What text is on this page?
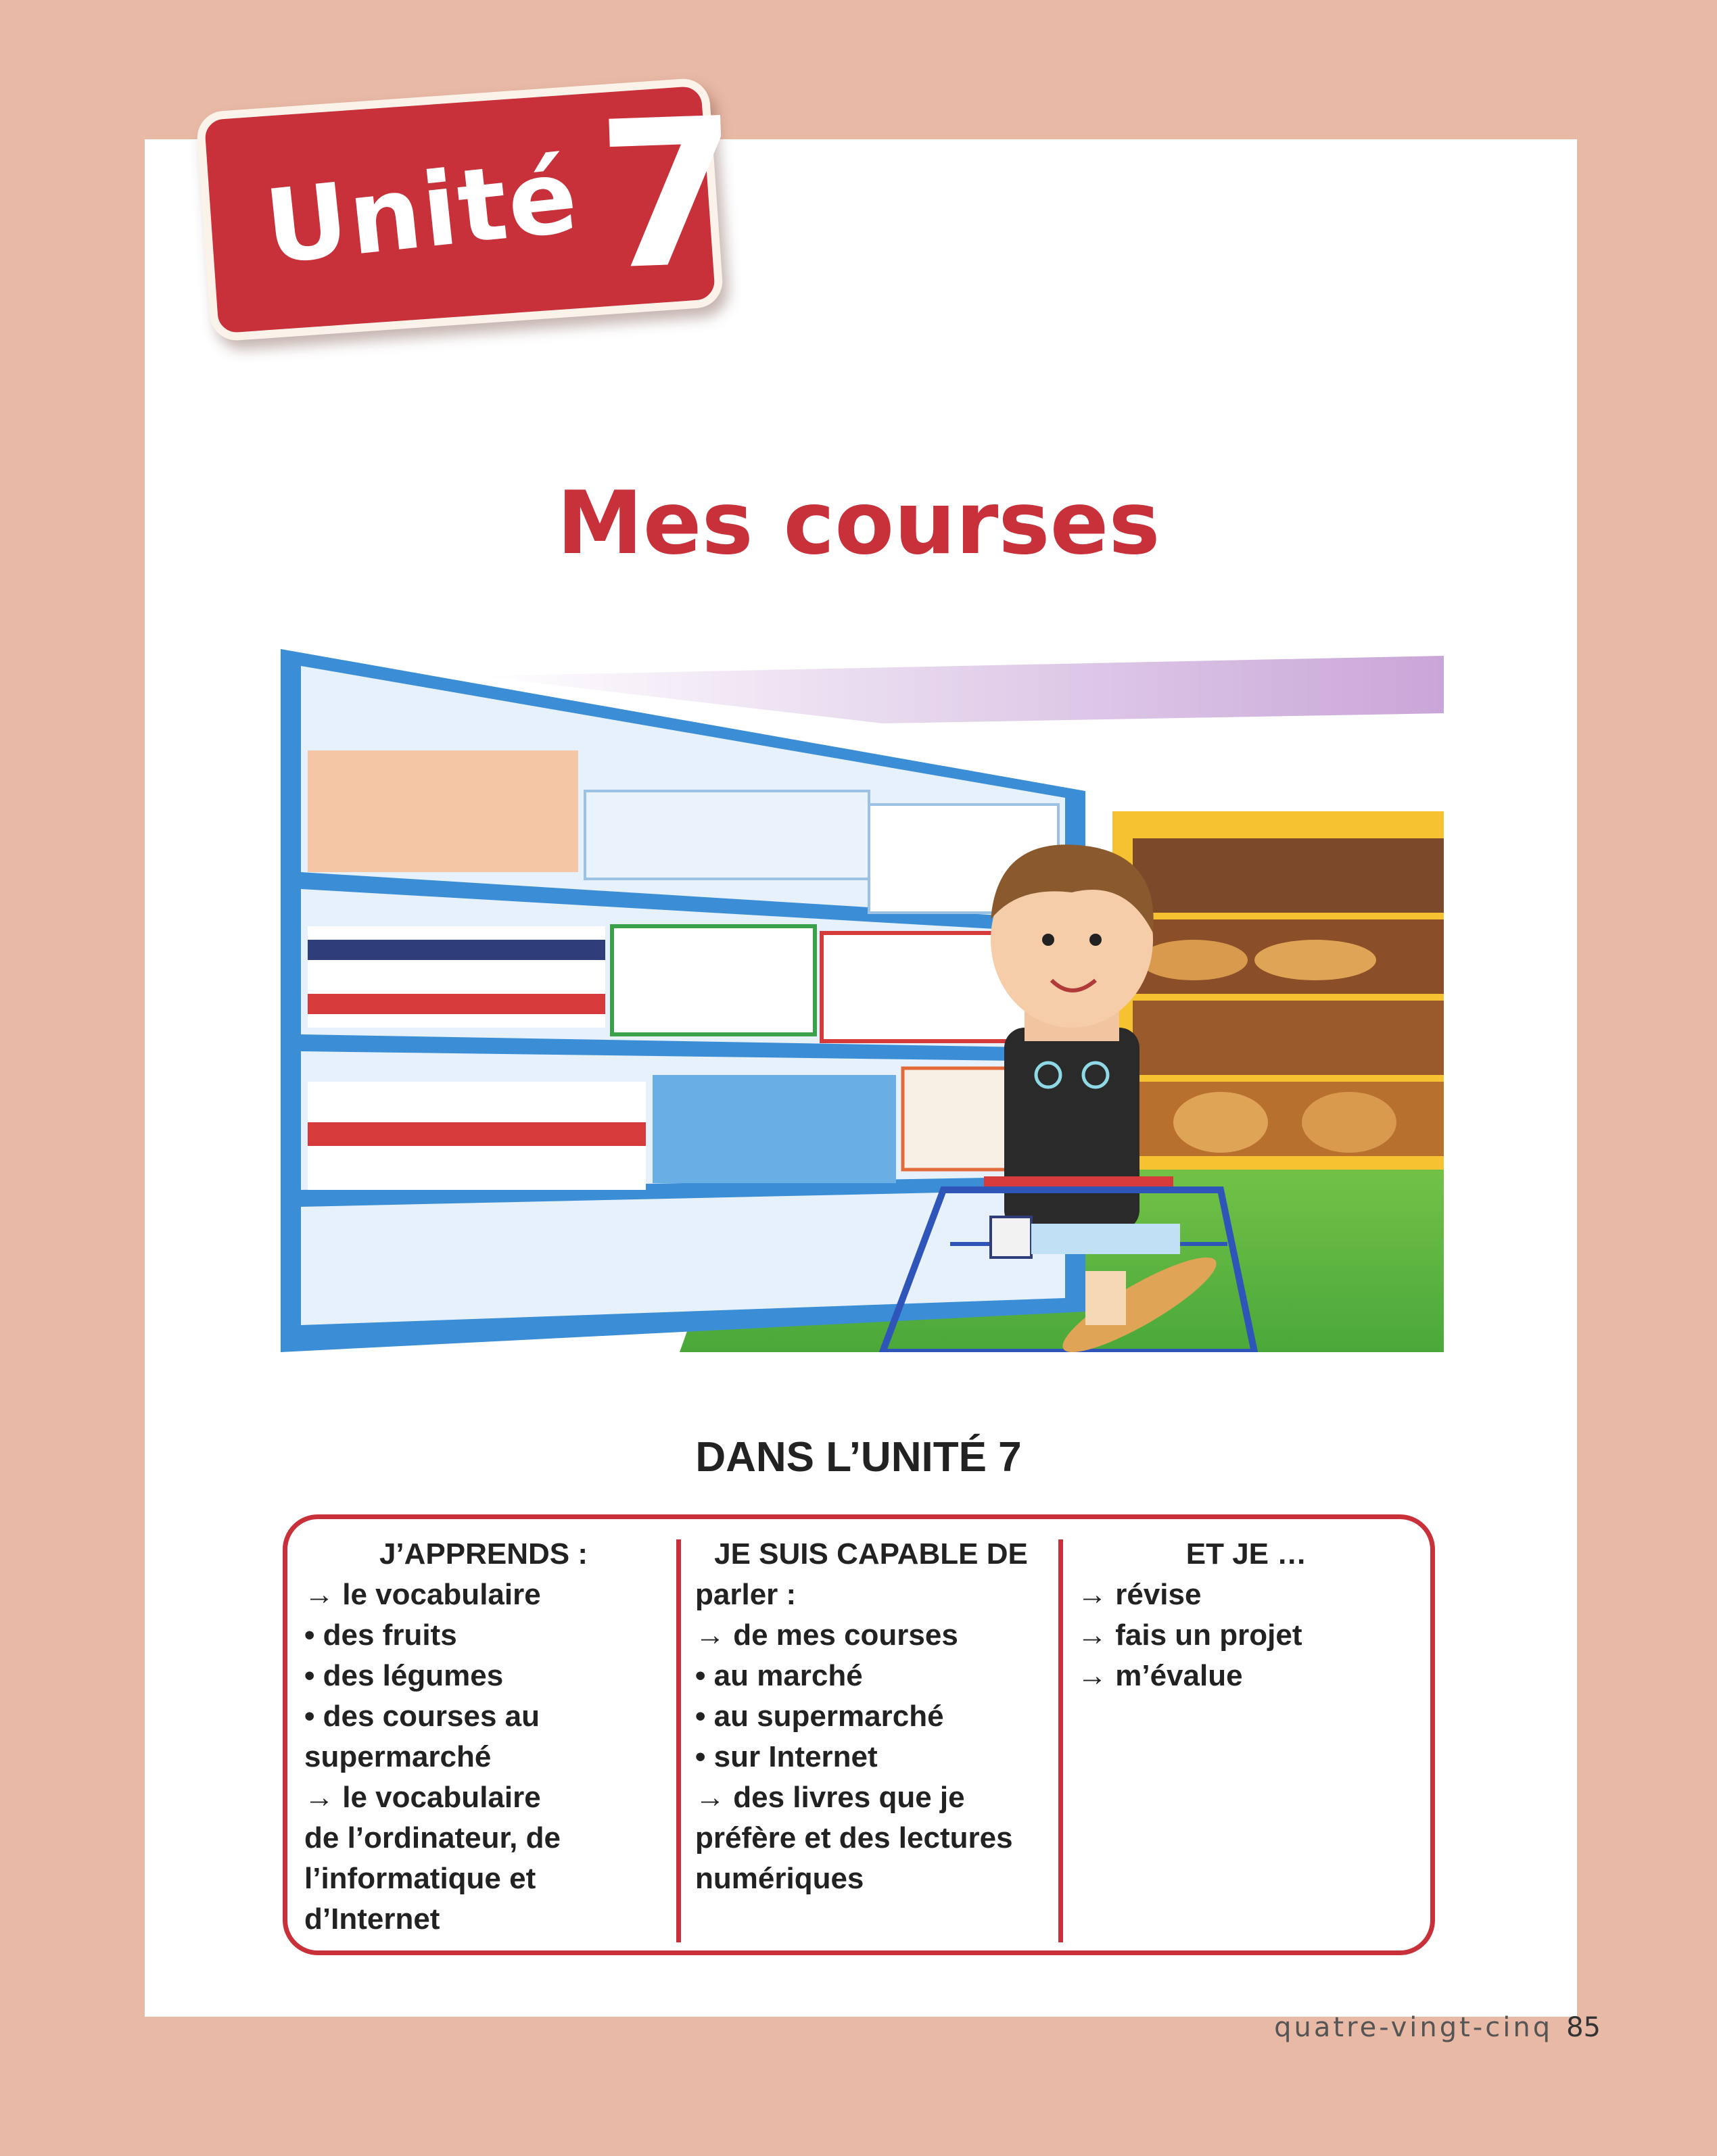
Unité 7
Mes courses
DANS L’UNITÉ 7
J’APPRENDS :
→ le vocabulaire
• des fruits
• des légumes
• des courses au
supermarché
→ le vocabulaire
de l’ordinateur, de
l’informatique et
d’Internet
JE SUIS CAPABLE DE
parler :
→ de mes courses
• au marché
• au supermarché
• sur Internet
→ des livres que je
préfère et des lectures
numériques
ET JE …
→ révise
→ fais un projet
→ m’évalue
quatre-vingt-cinq 85
